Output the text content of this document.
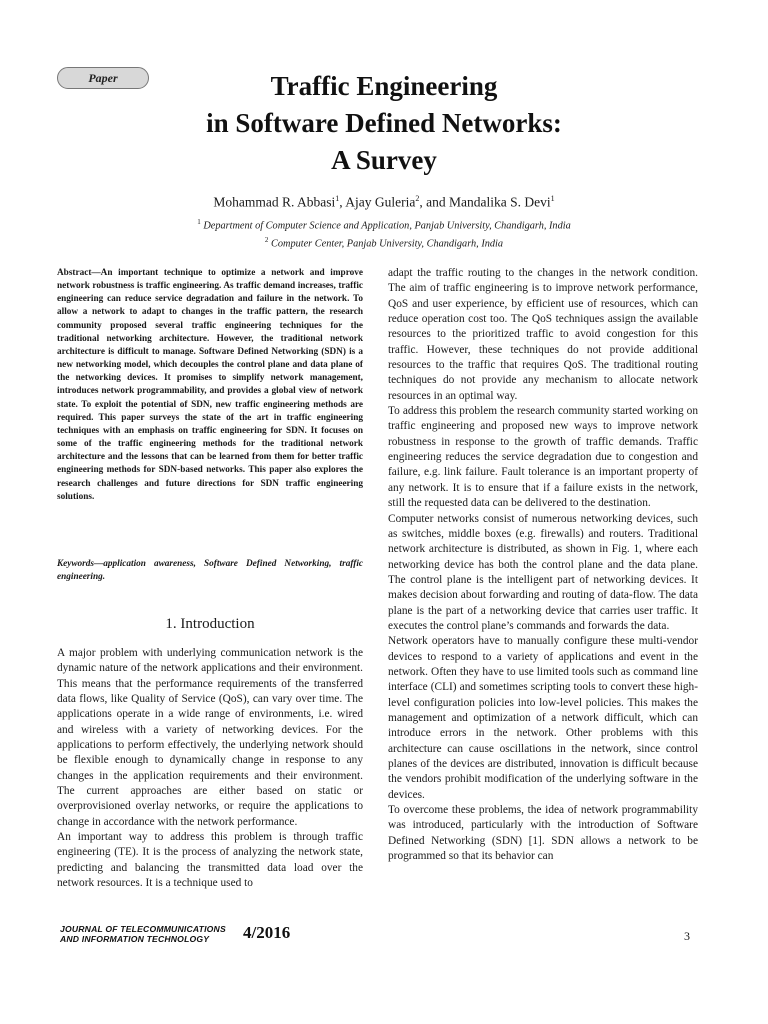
Paper	Traffic Engineering
in Software Defined Networks:
A Survey
Mohammad R. Abbasi$^1$, Ajay Guleria$^2$, and Mandalika S. Devi$^1$
$^1$ Department of Computer Science and Application, Panjab University, Chandigarh, India
$^2$ Computer Center, Panjab University, Chandigarh, India
Abstract—An important technique to optimize a network and improve network robustness is traffic engineering. As traffic demand increases, traffic engineering can reduce service degradation and failure in the network. To allow a network to adapt to changes in the traffic pattern, the research community proposed several traffic engineering techniques for the traditional networking architecture. However, the traditional network architecture is difficult to manage. Software Defined Networking (SDN) is a new networking model, which decouples the control plane and data plane of the networking devices. It promises to simplify network management, introduces network programmability, and provides a global view of network state. To exploit the potential of SDN, new traffic engineering methods are required. This paper surveys the state of the art in traffic engineering techniques with an emphasis on traffic engineering for SDN. It focuses on some of the traffic engineering methods for the traditional network architecture and the lessons that can be learned from them for better traffic engineering methods for SDN-based networks. This paper also explores the research challenges and future directions for SDN traffic engineering solutions.
Keywords—application awareness, Software Defined Networking, traffic engineering.
1. Introduction

A major problem with underlying communication network is the dynamic nature of the network applications and their environment. This means that the performance requirements of the transferred data flows, like Quality of Service (QoS), can vary over time. The applications operate in a wide range of environments, i.e. wired and wireless with a variety of networking devices. For the applications to perform effectively, the underlying network should be flexible enough to dynamically change in response to any changes in the application requirements and their environment. The current approaches are either based on static or overprovisioned overlay networks, or require the applications to change in accordance with the network performance.

An important way to address this problem is through traffic engineering (TE). It is the process of analyzing the network state, predicting and balancing the transmitted data load over the network resources. It is a technique used to

adapt the traffic routing to the changes in the network condition. The aim of traffic engineering is to improve network performance, QoS and user experience, by efficient use of resources, which can reduce operation cost too. The QoS techniques assign the available resources to the prioritized traffic to avoid congestion for this traffic. However, these techniques do not provide additional resources to the traffic that requires QoS. The traditional routing techniques do not provide any mechanism to allocate network resources in an optimal way.

To address this problem the research community started working on traffic engineering and proposed new ways to improve network robustness in response to the growth of traffic demands. Traffic engineering reduces the service degradation due to congestion and failure, e.g. link failure. Fault tolerance is an important property of any network. It is to ensure that if a failure exists in the network, still the requested data can be delivered to the destination.

Computer networks consist of numerous networking devices, such as switches, middle boxes (e.g. firewalls) and routers. Traditional network architecture is distributed, as shown in Fig. 1, where each networking device has both the control plane and the data plane. The control plane is the intelligent part of networking devices. It makes decision about forwarding and routing of data-flow. The data plane is the part of a networking device that carries user traffic. It executes the control plane’s commands and forwards the data.

Network operators have to manually configure these multi-vendor devices to respond to a variety of applications and event in the network. Often they have to use limited tools such as command line interface (CLI) and sometimes scripting tools to convert these high-level configuration policies into low-level policies. This makes the management and optimization of a network difficult, which can introduce errors in the network. Other problems with this architecture can cause oscillations in the network, since control planes of the devices are distributed, innovation is difficult because the vendors prohibit modification of the underlying software in the devices.

To overcome these problems, the idea of network programmability was introduced, particularly with the introduction of Software Defined Networking (SDN) [1]. SDN allows a network to be programmed so that its behavior can

JOURNAL OF TELECOMMUNICATIONS
AND INFORMATION TECHNOLOGY	4/2016	3
